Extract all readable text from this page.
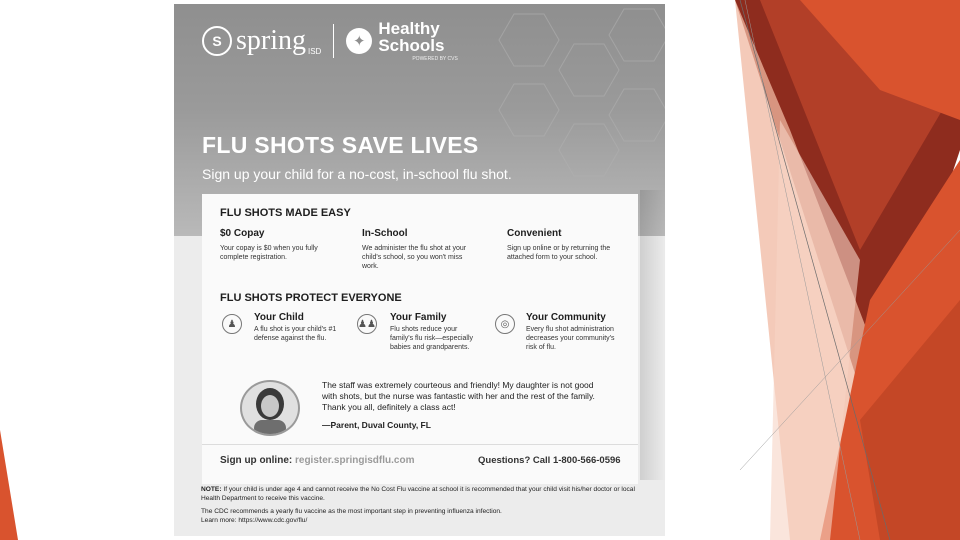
S spring ISD
✦
Healthy
Schools
POWERED BY CVS
FLU SHOTS SAVE LIVES
Sign up your child for a no-cost, in-school flu shot.
FLU SHOTS MADE EASY
$0 Copay
Your copay is $0 when you fully complete registration.
In-School
We administer the flu shot at your child's school, so you won't miss work.
Convenient
Sign up online or by returning the attached form to your school.
FLU SHOTS PROTECT EVERYONE
♟
Your Child
A flu shot is your child's #1 defense against the flu.
♟♟
Your Family
Flu shots reduce your family's flu risk—especially babies and grandparents.
◎
Your Community
Every flu shot administration decreases your community's risk of flu.
The staff was extremely courteous and friendly! My daughter is not good with shots, but the nurse was fantastic with her and the rest of the family. Thank you all, definitely a class act!
—Parent, Duval County, FL
Sign up online: register.springisdflu.com	Questions? Call 1-800-566-0596

NOTE: If your child is under age 4 and cannot receive the No Cost Flu vaccine at school it is recommended that your child visit his/her doctor or local Health Department to receive this vaccine.

The CDC recommends a yearly flu vaccine as the most important step in preventing influenza infection.
Learn more: https://www.cdc.gov/flu/
